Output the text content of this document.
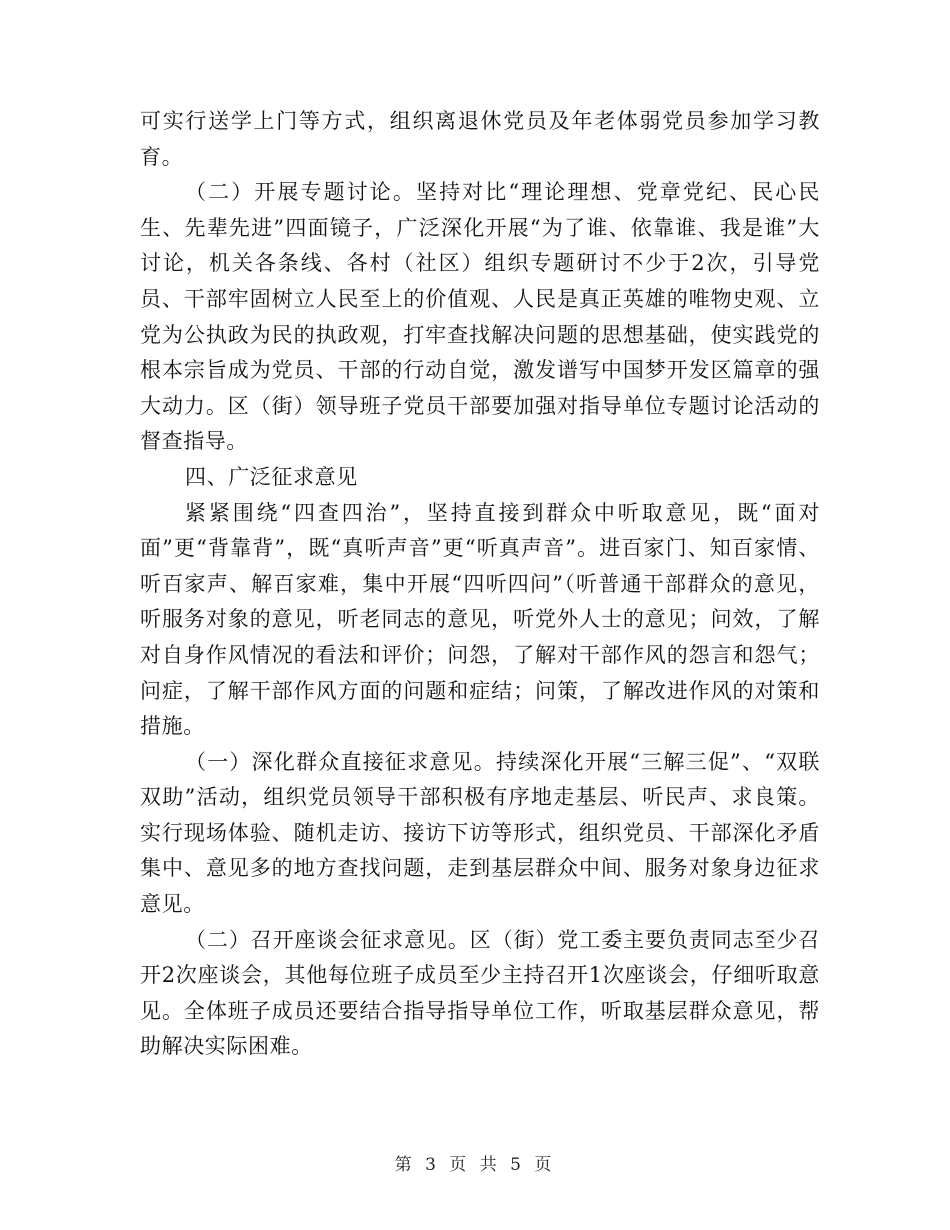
可实行送学上门等方式，组织离退休党员及年老体弱党员参加学习教育。

（二）开展专题讨论。坚持对比“理论理想、党章党纪、民心民生、先辈先进”四面镜子，广泛深化开展“为了谁、依靠谁、我是谁”大讨论，机关各条线、各村（社区）组织专题研讨不少于2次，引导党员、干部牢固树立人民至上的价值观、人民是真正英雄的唯物史观、立党为公执政为民的执政观，打牢查找解决问题的思想基础，使实践党的根本宗旨成为党员、干部的行动自觉，激发谱写中国梦开发区篇章的强大动力。区（街）领导班子党员干部要加强对指导单位专题讨论活动的督查指导。

四、广泛征求意见

紧紧围绕“四查四治”，坚持直接到群众中听取意见，既“面对面”更“背靠背”，既“真听声音”更“听真声音”。进百家门、知百家情、听百家声、解百家难，集中开展“四听四问”（听普通干部群众的意见，听服务对象的意见，听老同志的意见，听党外人士的意见；问效，了解对自身作风情况的看法和评价；问怨，了解对干部作风的怨言和怨气；问症，了解干部作风方面的问题和症结；问策，了解改进作风的对策和措施。

（一）深化群众直接征求意见。持续深化开展“三解三促”、“双联双助”活动，组织党员领导干部积极有序地走基层、听民声、求良策。实行现场体验、随机走访、接访下访等形式，组织党员、干部深化矛盾集中、意见多的地方查找问题，走到基层群众中间、服务对象身边征求意见。

（二）召开座谈会征求意见。区（街）党工委主要负责同志至少召开2次座谈会，其他每位班子成员至少主持召开1次座谈会，仔细听取意见。全体班子成员还要结合指导指导单位工作，听取基层群众意见，帮助解决实际困难。

第 3 页 共 5 页
